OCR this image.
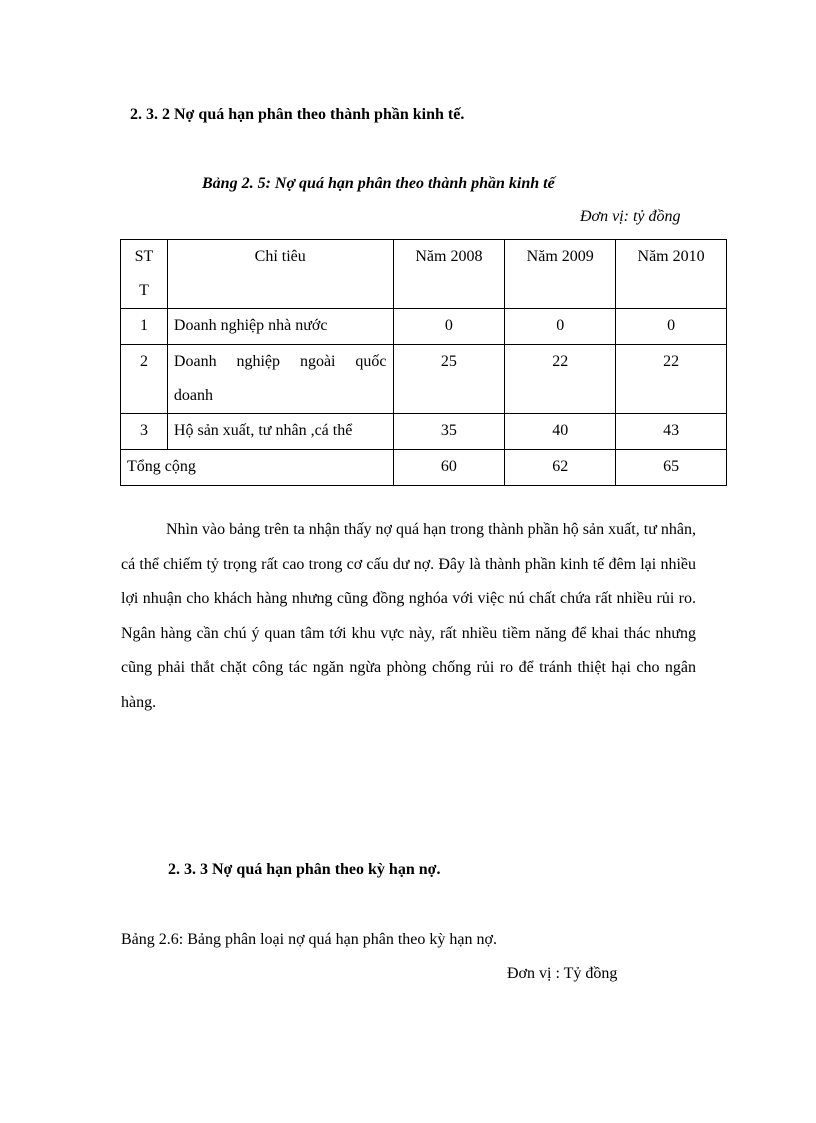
2. 3. 2 Nợ quá hạn phân theo thành phần kinh tế.
Bảng 2. 5: Nợ quá hạn phân theo thành phần kinh tế
Đơn vị: tỷ đồng
ST
T	Chỉ tiêu	Năm 2008	Năm 2009	Năm 2010
1	Doanh nghiệp nhà nước	0	0	0
2	Doanh nghiệp ngoài quốc
doanh	25	22	22
3	Hộ sản xuất, tư nhân ,cá thể	35	40	43
Tổng cộng		60	62	65
Nhìn vào bảng trên ta nhận thấy nợ quá hạn trong thành phần hộ sản xuất, tư nhân, cá thể chiếm tỷ trọng rất cao trong cơ cấu dư nợ. Đây là thành phần kinh tế đêm lại nhiều lợi nhuận cho khách hàng nhưng cũng đồng nghóa với việc nú chất chứa rất nhiều rủi ro. Ngân hàng cần chú ý quan tâm tới khu vực này, rất nhiều tiềm năng để khai thác nhưng cũng phải thắt chặt công tác ngăn ngừa phòng chống rủi ro để tránh thiệt hại cho ngân hàng.
2. 3. 3 Nợ quá hạn phân theo kỳ hạn nợ.
Bảng 2.6: Bảng phân loại nợ quá hạn phân theo kỳ hạn nợ.
Đơn vị : Tỷ đồng
